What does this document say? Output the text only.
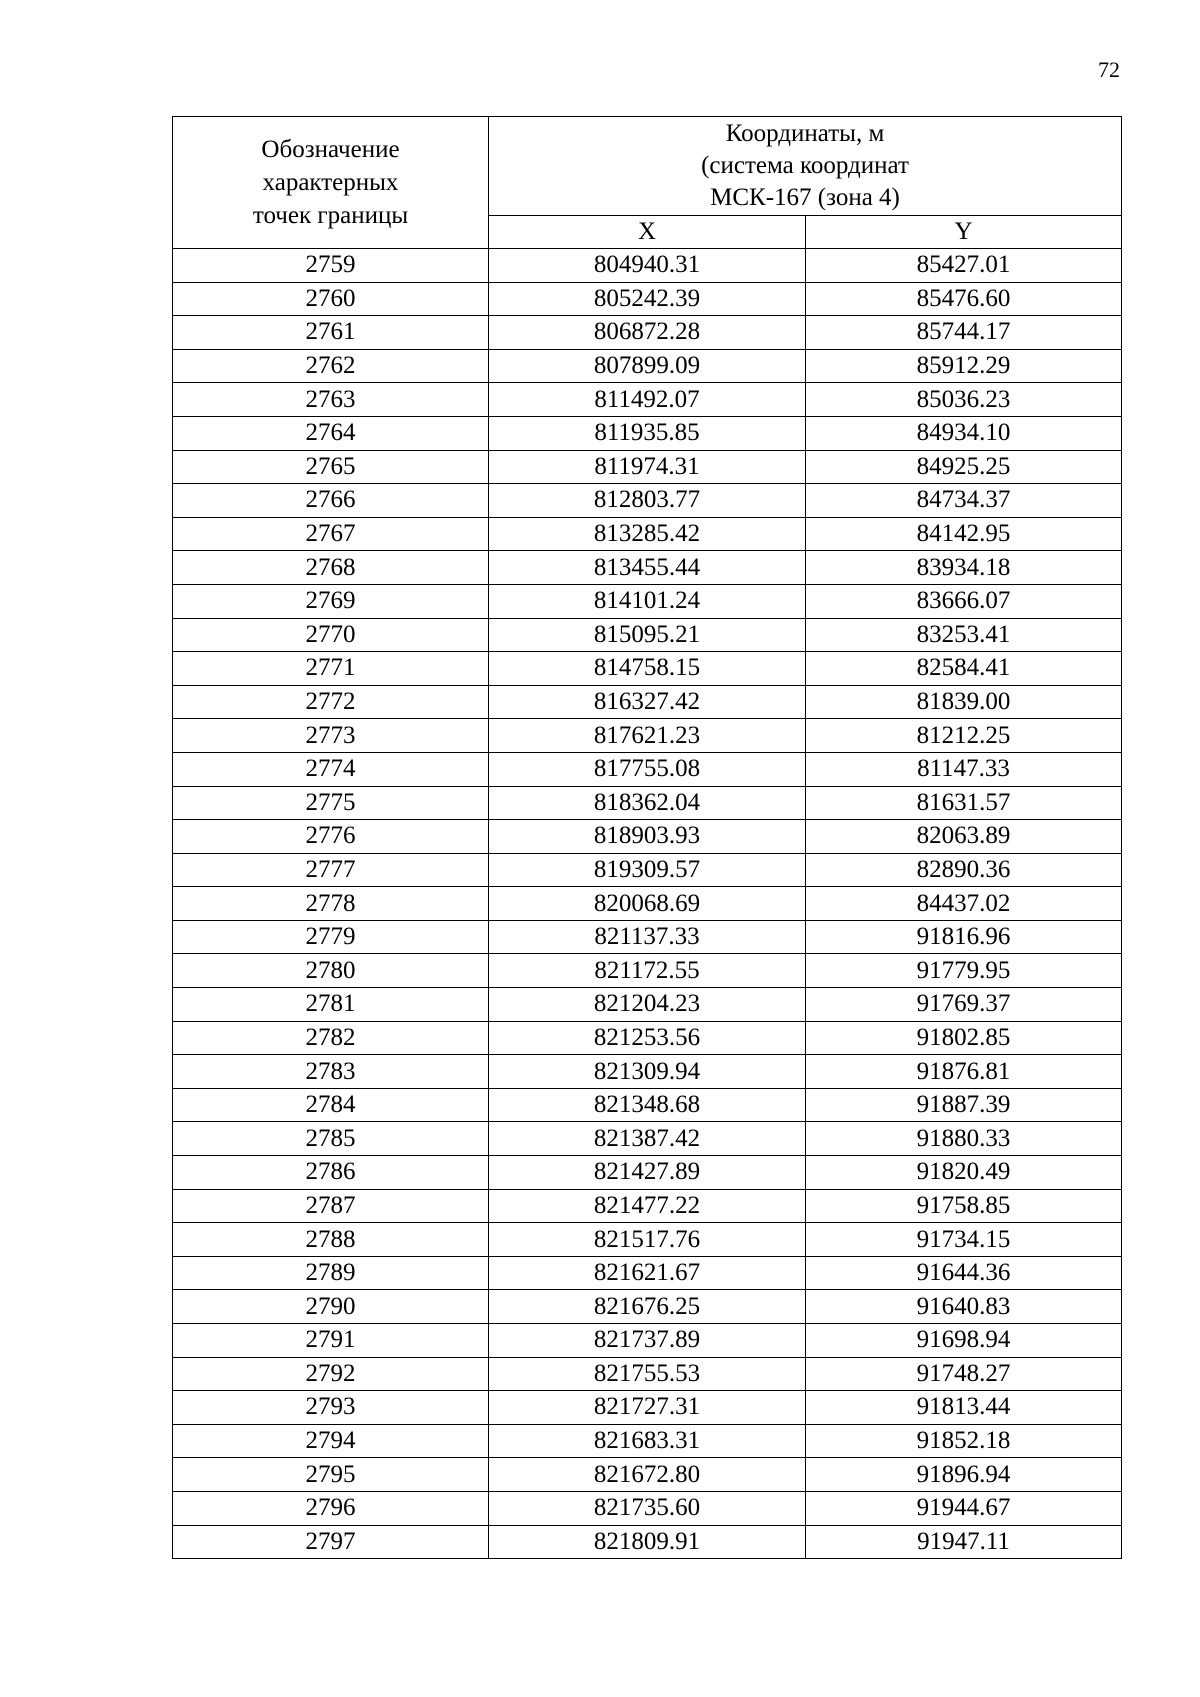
72
Обозначение
характерных
точек границы	Координаты, м
(система координат
МСК-167 (зона 4)	

	X	Y
2759	804940.31	85427.01
2760	805242.39	85476.60
2761	806872.28	85744.17
2762	807899.09	85912.29
2763	811492.07	85036.23
2764	811935.85	84934.10
2765	811974.31	84925.25
2766	812803.77	84734.37
2767	813285.42	84142.95
2768	813455.44	83934.18
2769	814101.24	83666.07
2770	815095.21	83253.41
2771	814758.15	82584.41
2772	816327.42	81839.00
2773	817621.23	81212.25
2774	817755.08	81147.33
2775	818362.04	81631.57
2776	818903.93	82063.89
2777	819309.57	82890.36
2778	820068.69	84437.02
2779	821137.33	91816.96
2780	821172.55	91779.95
2781	821204.23	91769.37
2782	821253.56	91802.85
2783	821309.94	91876.81
2784	821348.68	91887.39
2785	821387.42	91880.33
2786	821427.89	91820.49
2787	821477.22	91758.85
2788	821517.76	91734.15
2789	821621.67	91644.36
2790	821676.25	91640.83
2791	821737.89	91698.94
2792	821755.53	91748.27
2793	821727.31	91813.44
2794	821683.31	91852.18
2795	821672.80	91896.94
2796	821735.60	91944.67
2797	821809.91	91947.11
